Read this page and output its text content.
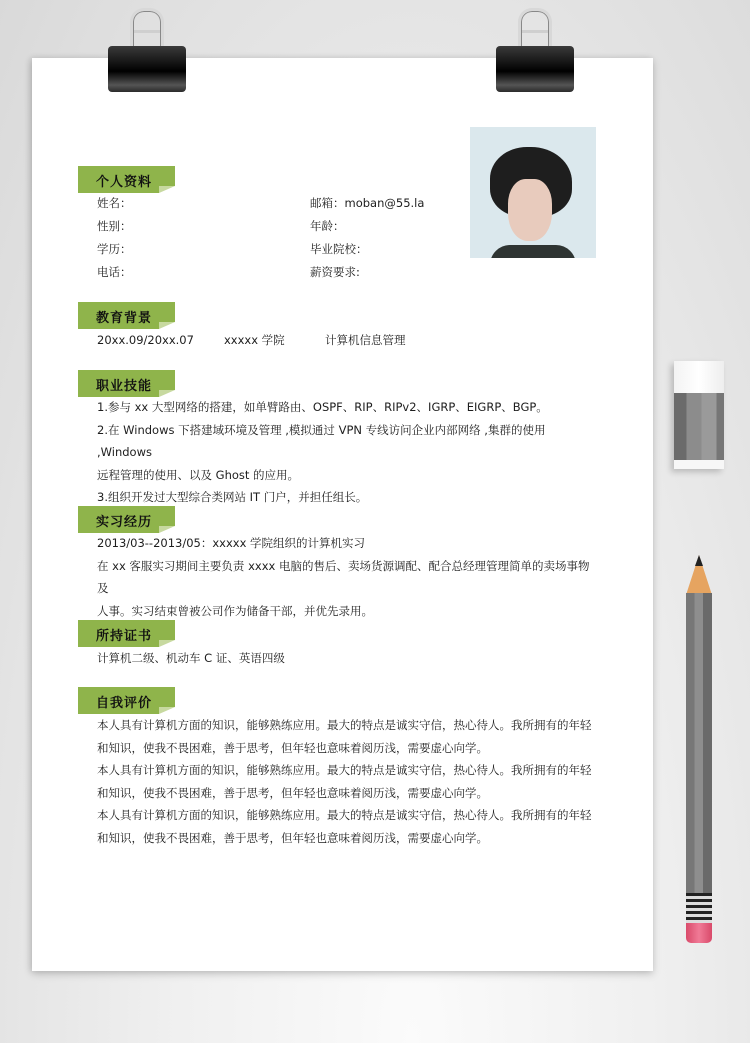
个人资料
姓名：
性别：
学历：
电话：
邮箱：moban@55.la
年龄：
毕业院校：
薪资要求:
教育背景
20xx.09/20xx.07	xxxxx 学院	计算机信息管理
职业技能
1.参与 xx 大型网络的搭建，如单臂路由、OSPF、RIP、RIPv2、IGRP、EIGRP、BGP。
2.在 Windows 下搭建域环境及管理 ,模拟通过 VPN 专线访问企业内部网络 ,集群的使用 ,Windows
远程管理的使用、以及 Ghost 的应用。
3.组织开发过大型综合类网站 IT 门户，并担任组长。
实习经历
2013/03--2013/05：xxxxx 学院组织的计算机实习
在 xx 客服实习期间主要负责 xxxx 电脑的售后、卖场货源调配、配合总经理管理简单的卖场事物及
人事。实习结束曾被公司作为储备干部，并优先录用。
所持证书
计算机二级、机动车 C 证、英语四级
自我评价
本人具有计算机方面的知识，能够熟练应用。最大的特点是诚实守信，热心待人。我所拥有的年轻
和知识，使我不畏困难，善于思考，但年轻也意味着阅历浅，需要虚心向学。
本人具有计算机方面的知识，能够熟练应用。最大的特点是诚实守信，热心待人。我所拥有的年轻
和知识，使我不畏困难，善于思考，但年轻也意味着阅历浅，需要虚心向学。
本人具有计算机方面的知识，能够熟练应用。最大的特点是诚实守信，热心待人。我所拥有的年轻
和知识，使我不畏困难，善于思考，但年轻也意味着阅历浅，需要虚心向学。
